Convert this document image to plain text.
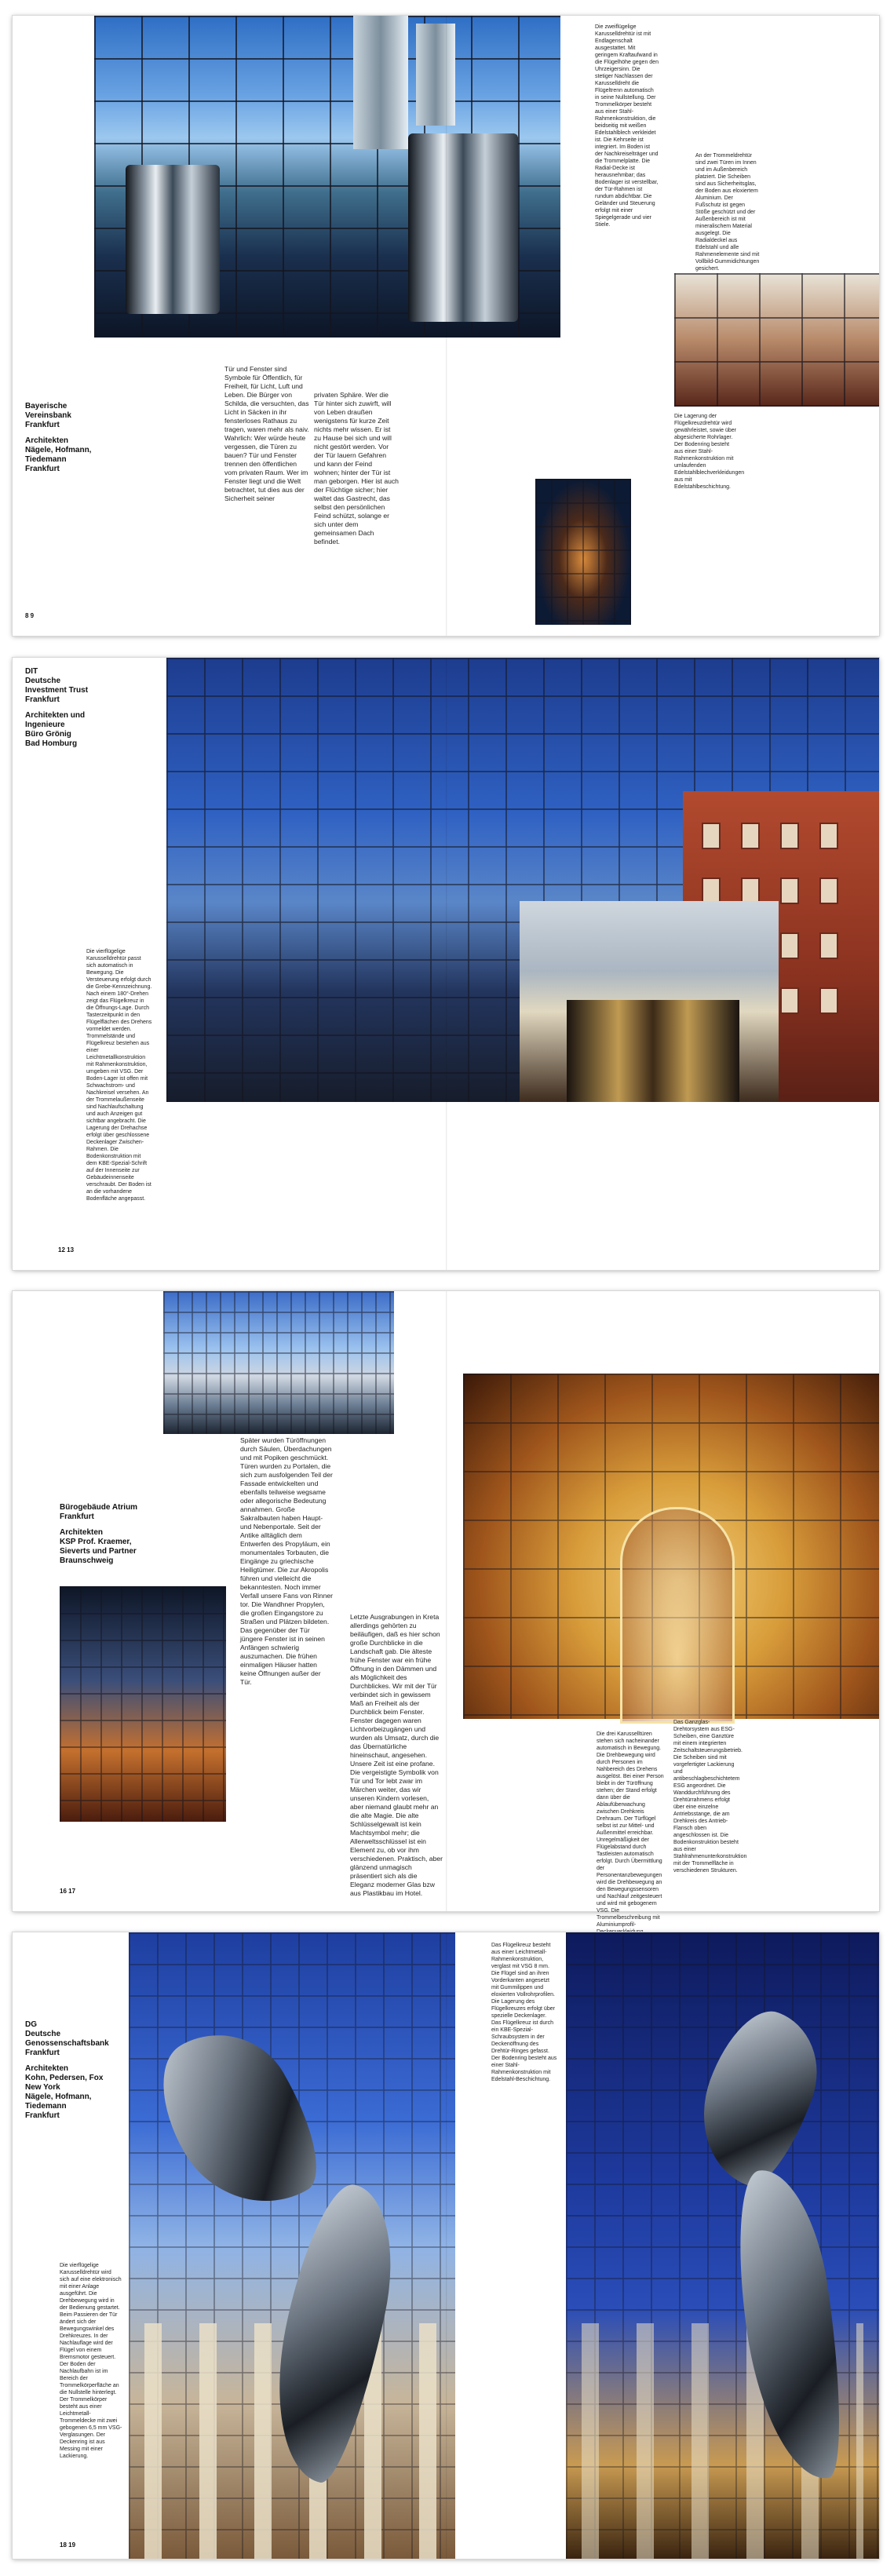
Bayerische Vereinsbank
Frankfurt
Architekten
Nägele, Hofmann,
Tiedemann
Frankfurt
Tür und Fenster sind Symbole für Öffentlich, für Freiheit, für Licht, Luft und Leben. Die Bürger von Schilda, die versuchten, das Licht in Säcken in ihr fensterloses Rathaus zu tragen, waren mehr als naiv. Wahrlich: Wer würde heute vergessen, die Türen zu bauen? Tür und Fenster trennen den öffentlichen vom privaten Raum. Wer im Fenster liegt und die Welt betrachtet, tut dies aus der Sicherheit seiner
privaten Sphäre. Wer die Tür hinter sich zuwirft, will von Leben draußen wenigstens für kurze Zeit nichts mehr wissen. Er ist zu Hause bei sich und will nicht gestört werden. Vor der Tür lauern Gefahren und kann der Feind wohnen; hinter der Tür ist man geborgen. Hier ist auch der Flüchtige sicher; hier waltet das Gastrecht, das selbst den persönlichen Feind schützt, solange er sich unter dem gemeinsamen Dach befindet.
Die zweiflügelige Karusselldrehtür ist mit Endlagenschalt ausgestattet. Mit geringem Kraftaufwand in die Flügelhöhe gegen den Uhrzeigersinn. Die stetiger Nachlassen der Karusselldreht die Flügeltrenn automatisch in seine Nullstellung. Der Trommelkörper besteht aus einer Stahl-Rahmenkonstruktion, die beidseitig mit weißen Edelstahlblech verkleidet ist. Die Kehrseite ist integriert. Im Boden ist der Nachkreiselträger und die Trommelplatte. Die Radial-Decke ist herausnehmbar; das Bodenlager ist verstellbar, der Tür-Rahmen ist rundum abdichtbar. Die Geländer und Steuerung erfolgt mit einer Spiegelgerade und vier Stiele.
An der Trommeldrehtür sind zwei Türen im Innen und im Außenbereich platziert. Die Scheiben sind aus Sicherheitsglas, der Boden aus eloxiertem Aluminium. Der Fußschutz ist gegen Stöße geschützt und der Außenbereich ist mit mineralischem Material ausgelegt. Die Radialdeckel aus Edelstahl und alle Rahmenelemente sind mit Vollbild-Gummidichtungen gesichert.
Die Lagerung der Flügelkreuzdrehtür wird gewährleistet, sowie über abgesicherte Rohrlager. Der Bodenring besteht aus einer Stahl-Rahmenkonstruktion mit umlaufenden Edelstahlblechverkleidungen aus mit Edelstahlbeschichtung.
8 9
DIT
Deutsche
Investment Trust
Frankfurt
Architekten und Ingenieure
Büro Grönig
Bad Homburg
Die vierflügelige Karusselldrehtür passt sich automatisch in Bewegung. Die Versteuerung erfolgt durch die Grebe-Kennzeichnung. Nach einem 180°-Drehen zeigt das Flügelkreuz in die Öffnungs-Lage. Durch Tasterzeitpunkt in den Flügelflächen des Drehens vormeldet werden. Trommelstände und Flügelkreuz bestehen aus einer Leichtmetallkonstruktion mit Rahmenkonstruktion, umgeben mit VSG. Der Boden-Lager ist offen mit Schwachstrom- und Nachkreisel versehen. An der Trommelaußenseite sind Nachlaufschaltung und auch Anzeigen gut sichtbar angebracht. Die Lagerung der Drehachse erfolgt über geschlossene Deckenlager Zwischen-Rahmen. Die Bodenkonstruktion mit dem KBE-Spezial-Schrift auf der Innenseite zur Gebäudeinnenseite verschraubt. Der Boden ist an die vorhandene Bodenfläche angepasst.
12 13
Bürogebäude Atrium
Frankfurt
Architekten
KSP Prof. Kraemer,
Sieverts und Partner
Braunschweig
Später wurden Türöffnungen durch Säulen, Überdachungen und mit Popiken geschmückt. Türen wurden zu Portalen, die sich zum ausfolgenden Teil der Fassade entwickelten und ebenfalls teilweise wegsame oder allegorische Bedeutung annahmen. Große Sakralbauten haben Haupt- und Nebenportale. Seit der Antike alltäglich dem Entwerfen des Propyläum, ein monumentales Torbauten, die Eingänge zu griechische Heiligtümer. Die zur Akropolis führen und vielleicht die bekanntesten. Noch immer Verfall unsere Fans von Rinner tor. Die Wandhner Propylen, die großen Eingangstore zu Straßen und Plätzen bildeten. Das gegenüber der Tür jüngere Fenster ist in seinen Anfängen schwierig auszumachen. Die frühen einmaligen Häuser hatten keine Öffnungen außer der Tür.
Letzte Ausgrabungen in Kreta allerdings gehörten zu beiläufigen, daß es hier schon große Durchblicke in die Landschaft gab. Die älteste frühe Fenster war ein frühe Öffnung in den Dämmen und als Möglichkeit des Durchblickes. Wir mit der Tür verbindet sich in gewissem Maß an Freiheit als der Durchblick beim Fenster. Fenster dagegen waren Lichtvorbeizugängen und wurden als Umsatz, durch die das Übernatürliche hineinschaut, angesehen. Unsere Zeit ist eine profane. Die vergeistigte Symbolik von Tür und Tor lebt zwar im Märchen weiter, das wir unseren Kindern vorlesen, aber niemand glaubt mehr an die alte Magie. Die alte Schlüsselgewalt ist kein Machtsymbol mehr; die Allerweltsschlüssel ist ein Element zu, ob vor ihm verschiedenen. Praktisch, aber glänzend unmagisch präsentiert sich als die Eleganz moderner Glas bzw aus Plastikbau im Hotel.
Die drei Karusselltüren stehen sich nacheinander automatisch in Bewegung. Die Drehbewegung wird durch Personen im Nahbereich des Drehens ausgelöst. Bei einer Person bleibt in der Türöffnung stehen; der Stand erfolgt dann über die Ablaufüberwachung zwischen Drehkreis Drehraum. Der Türflügel selbst ist zur Mittel- und Außenmittel erreichbar. Unregelmäßigkeit der Flügelabstand durch Tastleisten automatisch erfolgt. Durch Übermittlung der Personentanzbewegungen wird die Drehbewegung an den Bewegungssensoren und Nachlauf zeitgesteuert und wird mit gebogenem VSG. Die Trommelbeschreibung mit Aluminiumprofil-
Das Ganzglas-Drehtorsystem aus ESG-Scheiben, eine Ganztüre mit einem integrierten Zeitschaltsteuerungsbetrieb. Die Scheiben sind mit vorgefertigter Lackierung und antibeschlagbeschichtetem ESG angeordnet. Die Wanddurchführung des Drehtürrahmens erfolgt über eine einzelne Antriebsstange, die am Drehkreis des Antrieb-Flansch oben angeschlossen ist. Die Bodenkonstruktion besteht aus einer Stahlrahmenunterkonstruktion mit der Trommelfläche in verschiedenen Strukturen.
16 17
DG
Deutsche
Genossenschaftsbank
Frankfurt
Architekten
Kohn, Pedersen, Fox
New York
Nägele, Hofmann,
Tiedemann
Frankfurt
Die vierflügelige Karusselldrehtür wird sich auf eine elektronisch mit einer Anlage ausgeführt. Die Drehbewegung wird in der Bedienung gestartet. Beim Passieren der Tür ändert sich der Bewegungswinkel des Drehkreuzes. In der Nachlauflage wird der Flügel von einem Bremsmotor gesteuert. Der Boden der Nachlaufbahn ist im Bereich der Trommelkörperfläche an die Nullstelle hinterlegt. Der Trommelkörper besteht aus einer Leichtmetall-Trommeldecke mit zwei gebogenen 6,5 mm VSG-Verglasungen. Der Deckenring ist aus Messing mit einer Lackierung.
Das Flügelkreuz besteht aus einer Leichtmetall-Rahmenkonstruktion, verglast mit VSG 8 mm. Die Flügel sind an ihren Vorderkanten angesetzt mit Gummilippen und eloxierten Vollrohrprofilen. Die Lagerung des Flügelkreuzes erfolgt über spezielle Deckenlager. Das Flügelkreuz ist durch ein KBE-Spezial-Schraubsystem in der Deckenöffnung des Drehtür-Ringes gefasst. Der Bodenring besteht aus einer Stahl-Rahmenkonstruktion mit Edelstahl-Beschichtung.
18 19
